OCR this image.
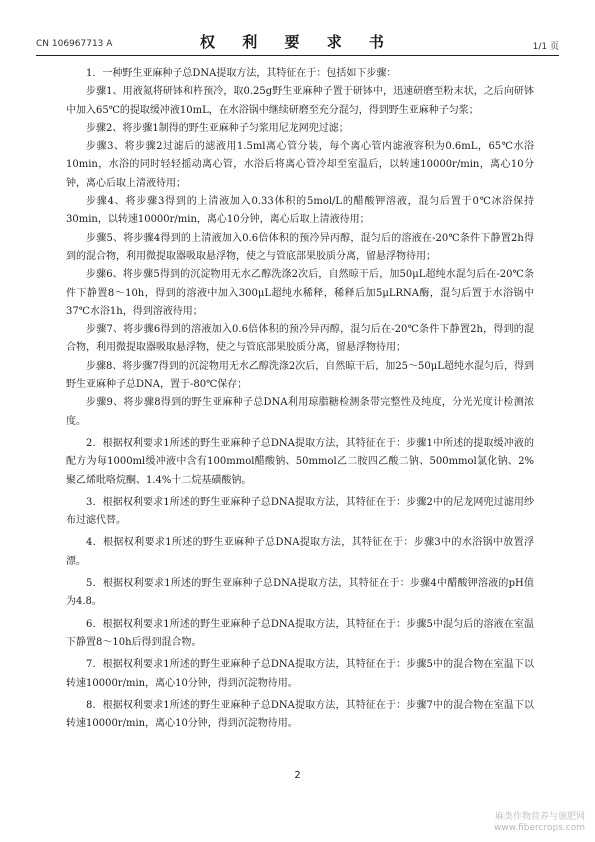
CN 106967713 A	权 利 要 求 书	1/1 页

1．一种野生亚麻种子总DNA提取方法，其特征在于：包括如下步骤：

步骤1、用液氮将研钵和杵预冷，取0.25g野生亚麻种子置于研钵中，迅速研磨至粉末状，之后向研钵中加入65℃的提取缓冲液10mL，在水浴锅中继续研磨至充分混匀，得到野生亚麻种子匀浆；

步骤2、将步骤1制得的野生亚麻种子匀浆用尼龙网兜过滤；

步骤3、将步骤2过滤后的滤液用1.5ml离心管分装，每个离心管内滤液容积为0.6mL，65℃水浴10min，水浴的同时轻轻摇动离心管，水浴后将离心管冷却至室温后，以转速10000r/min，离心10分钟，离心后取上清液待用；

步骤4、将步骤3得到的上清液加入0.33体积的5mol/L的醋酸钾溶液，混匀后置于0℃冰浴保持30min，以转速10000r/min，离心10分钟，离心后取上清液待用；

步骤5、将步骤4得到的上清液加入0.6倍体积的预冷异丙醇，混匀后的溶液在-20℃条件下静置2h得到的混合物，利用微提取器吸取悬浮物，使之与管底部果胶质分离，留悬浮物待用；

步骤6、将步骤5得到的沉淀物用无水乙醇洗涤2次后，自然晾干后，加50μL超纯水混匀后在-20℃条件下静置8～10h，得到的溶液中加入300μL超纯水稀释，稀释后加5μLRNA酶，混匀后置于水浴锅中37℃水浴1h，得到溶液待用；

步骤7、将步骤6得到的溶液加入0.6倍体积的预冷异丙醇，混匀后在-20℃条件下静置2h，得到的混合物，利用微提取器吸取悬浮物，使之与管底部果胶质分离，留悬浮物待用；

步骤8、将步骤7得到的沉淀物用无水乙醇洗涤2次后，自然晾干后，加25～50μL超纯水混匀后，得到野生亚麻种子总DNA，置于-80℃保存；

步骤9、将步骤8得到的野生亚麻种子总DNA利用琼脂糖检测条带完整性及纯度，分光光度计检测浓度。

2．根据权利要求1所述的野生亚麻种子总DNA提取方法，其特征在于：步骤1中所述的提取缓冲液的配方为每1000ml缓冲液中含有100mmol醋酸钠、50mmol乙二胺四乙酸二钠、500mmol氯化钠、2%聚乙烯吡咯烷酮、1.4%十二烷基磺酸钠。

3．根据权利要求1所述的野生亚麻种子总DNA提取方法，其特征在于：步骤2中的尼龙网兜过滤用纱布过滤代替。

4．根据权利要求1所述的野生亚麻种子总DNA提取方法，其特征在于：步骤3中的水浴锅中放置浮漂。

5．根据权利要求1所述的野生亚麻种子总DNA提取方法，其特征在于：步骤4中醋酸钾溶液的pH值为4.8。

6．根据权利要求1所述的野生亚麻种子总DNA提取方法，其特征在于：步骤5中混匀后的溶液在室温下静置8～10h后得到混合物。

7．根据权利要求1所述的野生亚麻种子总DNA提取方法，其特征在于：步骤5中的混合物在室温下以转速10000r/min，离心10分钟，得到沉淀物待用。

8．根据权利要求1所述的野生亚麻种子总DNA提取方法，其特征在于：步骤7中的混合物在室温下以转速10000r/min，离心10分钟，得到沉淀物待用。

2
麻类作物营养与施肥网
www.fibercrops.com
